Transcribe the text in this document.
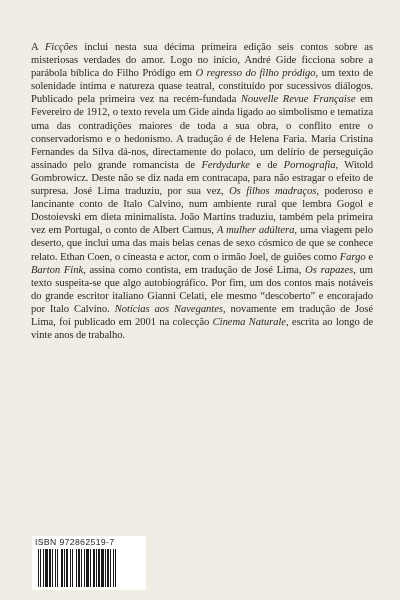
A Ficções inclui nesta sua décima primeira edição seis contos sobre as misteriosas verdades do amor. Logo no início, André Gide ficciona sobre a parábola bíblica do Filho Pródigo em O regresso do filho pródigo, um texto de solenidade íntima e natureza quase teatral, constituído por sucessivos diálogos. Publicado pela primeira vez na recém-fundada Nouvelle Revue Française em Fevereiro de 1912, o texto revela um Gide ainda ligado ao simbolismo e tematiza uma das contradições maiores de toda a sua obra, o conflito entre o conservadorismo e o hedonismo. A tradução é de Helena Faria. Maria Cristina Fernandes da Silva dá-nos, directamente do polaco, um delírio de perseguição assinado pelo grande romancista de Ferdydurke e de Pornografia, Witold Gombrowicz. Deste não se diz nada em contracapa, para não estragar o efeito de surpresa. José Lima traduziu, por sua vez, Os filhos madraços, poderoso e lancinante conto de Italo Calvino, num ambiente rural que lembra Gogol e Dostoievski em dieta minimalista. João Martins traduziu, também pela primeira vez em Portugal, o conto de Albert Camus, A mulher adúltera, uma viagem pelo deserto, que inclui uma das mais belas cenas de sexo cósmico de que se conhece relato. Ethan Coen, o cineasta e actor, com o irmão Joel, de guiões como Fargo e Barton Fink, assina como contista, em tradução de José Lima, Os rapazes, um texto suspeita-se que algo autobiográfico. Por fim, um dos contos mais notáveis do grande escritor italiano Gianni Celati, ele mesmo “descoberto” e encorajado por Italo Calvino. Notícias aos Navegantes, novamente em tradução de José Lima, foi publicado em 2001 na colecção Cinema Naturale, escrita ao longo de vinte anos de trabalho.

ISBN 972862519-7
